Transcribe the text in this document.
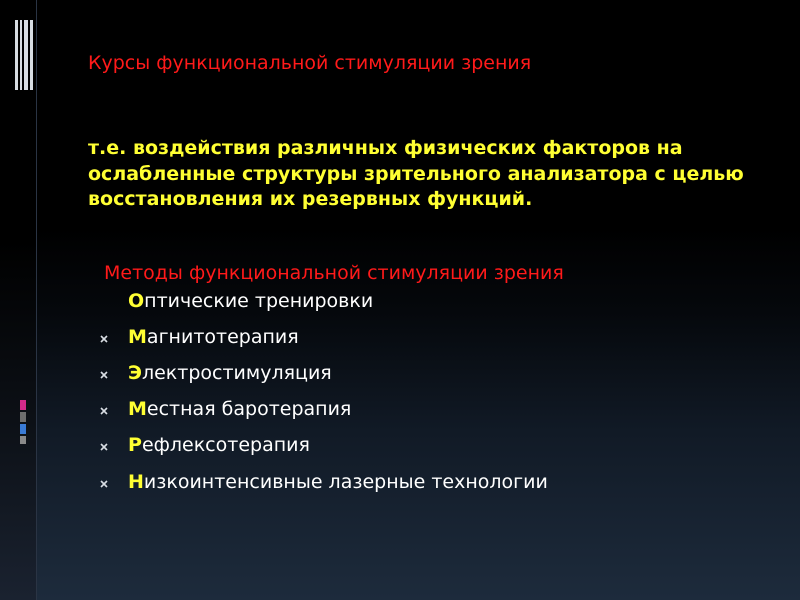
Курсы функциональной стимуляции зрения
т.е. воздействия различных физических факторов на ослабленные структуры зрительного анализатора с целью восстановления их резервных функций.
Методы функциональной стимуляции зрения
Оптические тренировки
Магнитотерапия
Электростимуляция
Местная баротерапия
Рефлексотерапия
Низкоинтенсивные лазерные технологии
